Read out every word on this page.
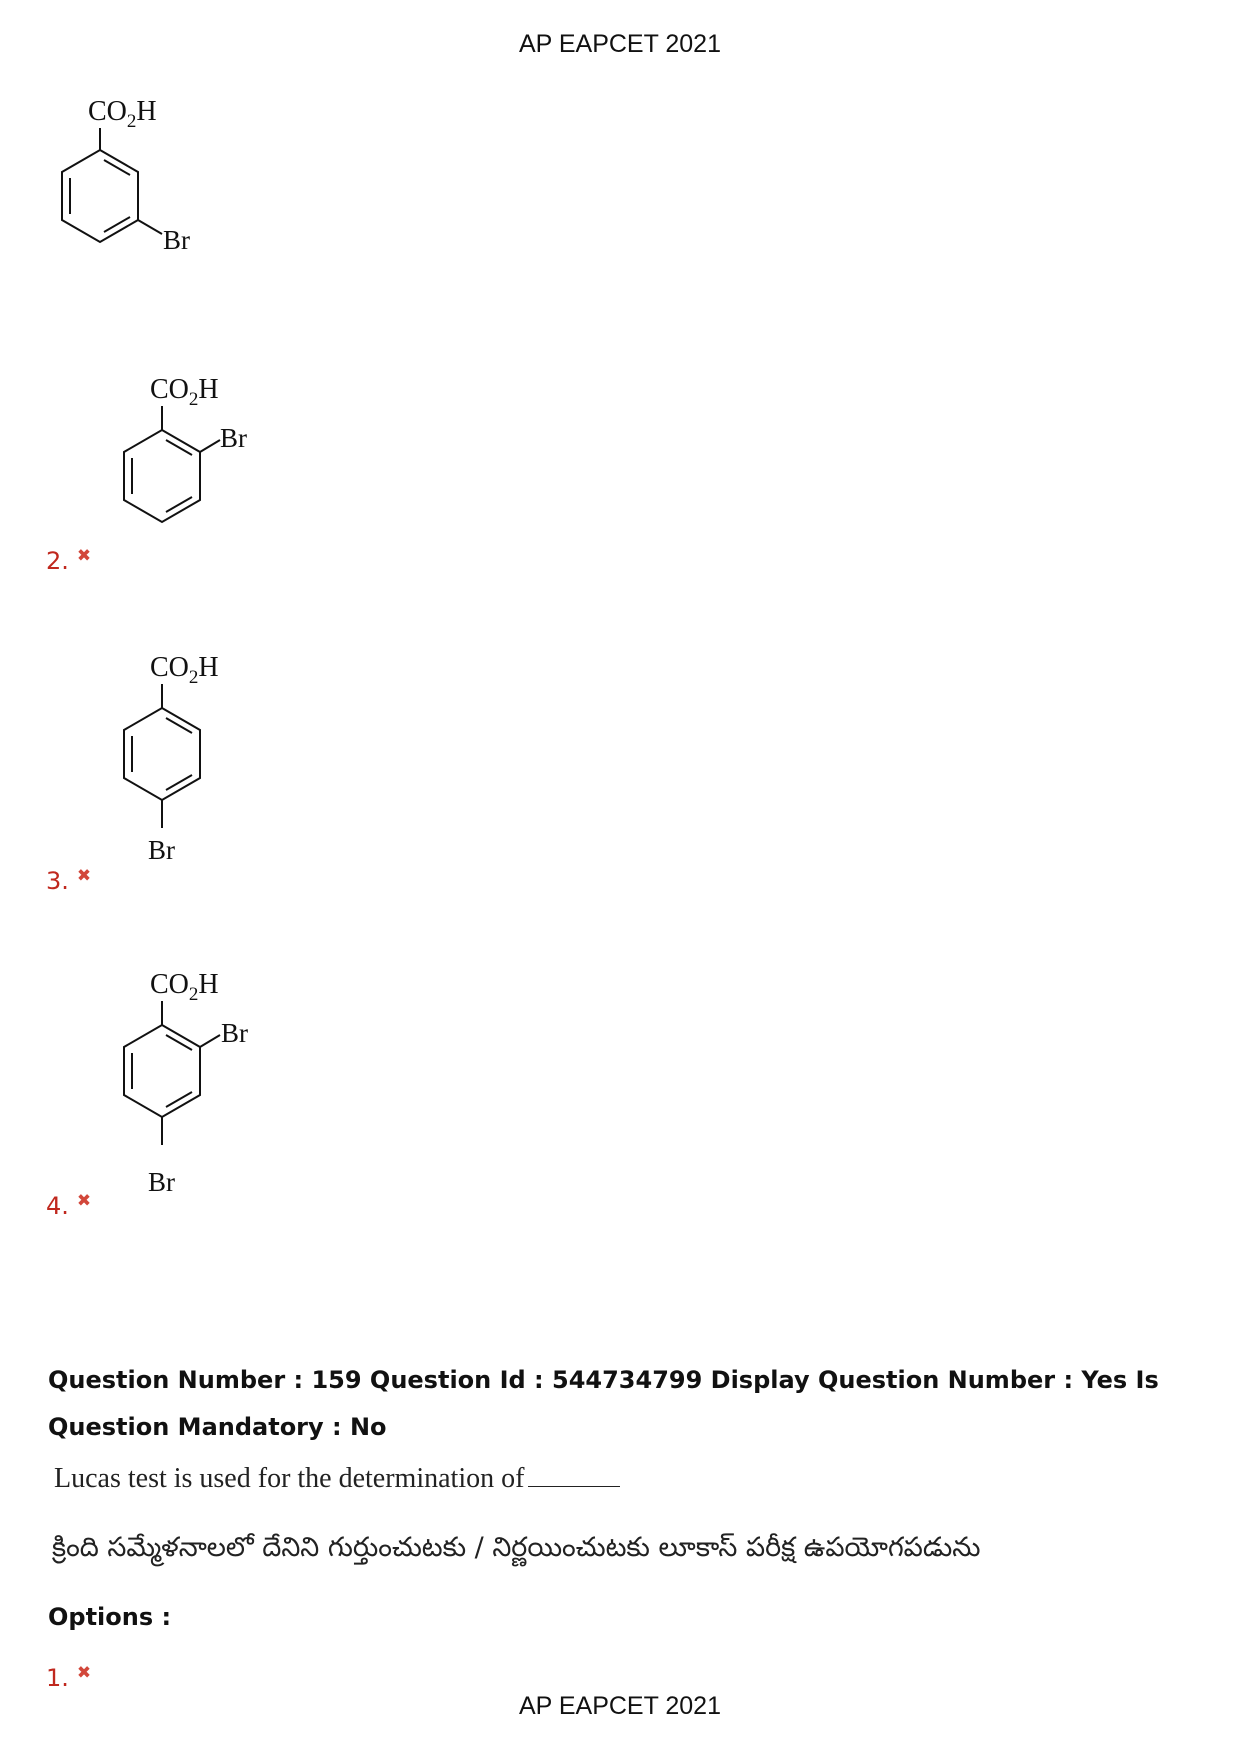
AP EAPCET 2021
$CO_2H$
Br
$CO_2H$
Br
2. ✖
$CO_2H$
Br
3. ✖
$CO_2H$
Br
Br
4. ✖
Question Number : 159 Question Id : 544734799 Display Question Number : Yes Is Question Mandatory : No
Lucas test is used for the determination of
క్రింది సమ్మేళనాలలో దేనిని గుర్తుంచుటకు / నిర్ణయించుటకు లూకాస్ పరీక్ష ఉపయోగపడును
Options :
1. ✖
AP EAPCET 2021
